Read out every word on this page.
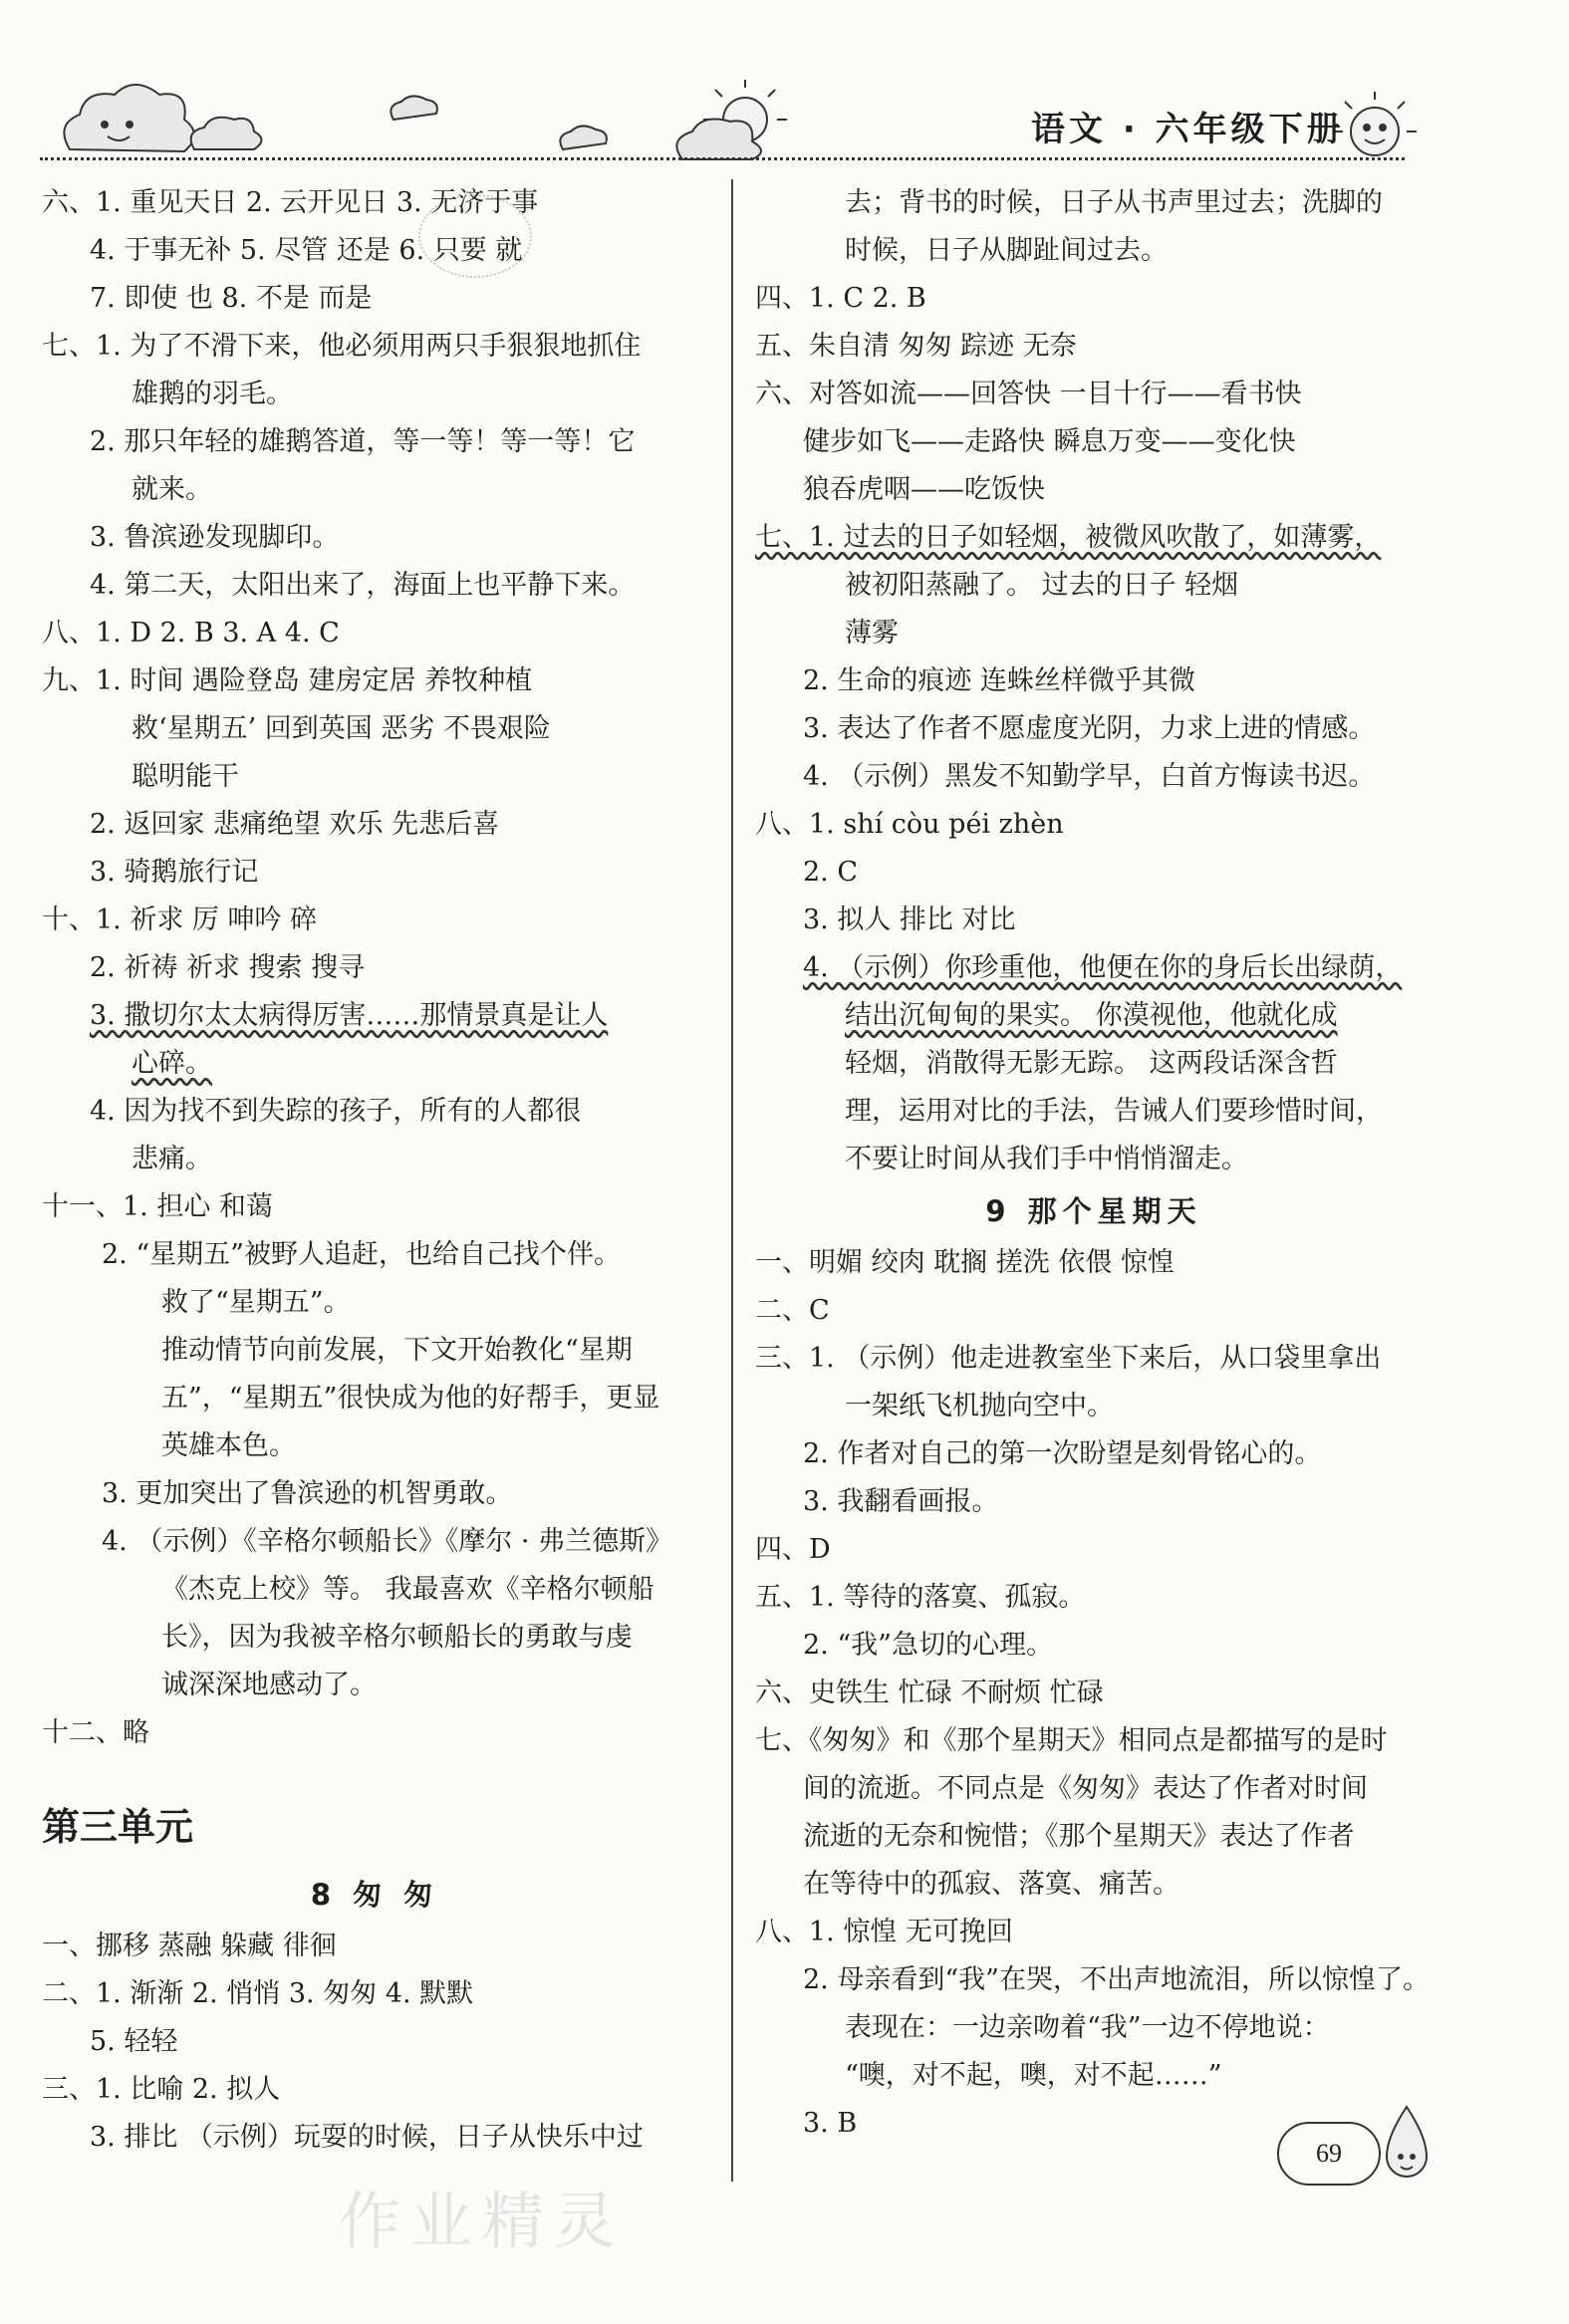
语文 · 六年级下册
六、1. 重见天日 2. 云开见日 3. 无济于事
4. 于事无补 5. 尽管 还是 6. 只要 就
7. 即使 也 8. 不是 而是
七、1. 为了不滑下来，他必须用两只手狠狠地抓住
雄鹅的羽毛。
2. 那只年轻的雄鹅答道，等一等！等一等！它
就来。
3. 鲁滨逊发现脚印。
4. 第二天，太阳出来了，海面上也平静下来。
八、1. D 2. B 3. A 4. C
九、1. 时间 遇险登岛 建房定居 养牧种植
救‘星期五’ 回到英国 恶劣 不畏艰险
聪明能干
2. 返回家 悲痛绝望 欢乐 先悲后喜
3. 骑鹅旅行记
十、1. 祈求 厉 呻吟 碎
2. 祈祷 祈求 搜索 搜寻
3. 撒切尔太太病得厉害……那情景真是让人
心碎。
4. 因为找不到失踪的孩子，所有的人都很
悲痛。
十一、1. 担心 和蔼
2. “星期五”被野人追赶，也给自己找个伴。
救了“星期五”。
推动情节向前发展，下文开始教化“星期
五”，“星期五”很快成为他的好帮手，更显
英雄本色。
3. 更加突出了鲁滨逊的机智勇敢。
4. （示例）《辛格尔顿船长》《摩尔 · 弗兰德斯》
《杰克上校》等。 我最喜欢《辛格尔顿船
长》，因为我被辛格尔顿船长的勇敢与虔
诚深深地感动了。
十二、略
第三单元
8 匆 匆
一、挪移 蒸融 躲藏 徘徊
二、1. 渐渐 2. 悄悄 3. 匆匆 4. 默默
5. 轻轻
三、1. 比喻 2. 拟人
3. 排比 （示例）玩耍的时候，日子从快乐中过
去；背书的时候，日子从书声里过去；洗脚的
时候，日子从脚趾间过去。
四、1. C 2. B
五、朱自清 匆匆 踪迹 无奈
六、对答如流——回答快 一目十行——看书快
健步如飞——走路快 瞬息万变——变化快
狼吞虎咽——吃饭快
七、1. 过去的日子如轻烟，被微风吹散了，如薄雾，
被初阳蒸融了。 过去的日子 轻烟
薄雾
2. 生命的痕迹 连蛛丝样微乎其微
3. 表达了作者不愿虚度光阴，力求上进的情感。
4. （示例）黑发不知勤学早，白首方悔读书迟。
八、1. shí còu péi zhèn
2. C
3. 拟人 排比 对比
4. （示例）你珍重他，他便在你的身后长出绿荫，
结出沉甸甸的果实。 你漠视他，他就化成
轻烟，消散得无影无踪。 这两段话深含哲
理，运用对比的手法，告诫人们要珍惜时间，
不要让时间从我们手中悄悄溜走。
9 那个星期天
一、明媚 绞肉 耽搁 搓洗 依偎 惊惶
二、C
三、1. （示例）他走进教室坐下来后，从口袋里拿出
一架纸飞机抛向空中。
2. 作者对自己的第一次盼望是刻骨铭心的。
3. 我翻看画报。
四、D
五、1. 等待的落寞、孤寂。
2. “我”急切的心理。
六、史铁生 忙碌 不耐烦 忙碌
七、《匆匆》和《那个星期天》相同点是都描写的是时
间的流逝。不同点是《匆匆》表达了作者对时间
流逝的无奈和惋惜；《那个星期天》表达了作者
在等待中的孤寂、落寞、痛苦。
八、1. 惊惶 无可挽回
2. 母亲看到“我”在哭，不出声地流泪，所以惊惶了。
表现在：一边亲吻着“我”一边不停地说：
“噢，对不起，噢，对不起……”
3. B
69
作业精灵
